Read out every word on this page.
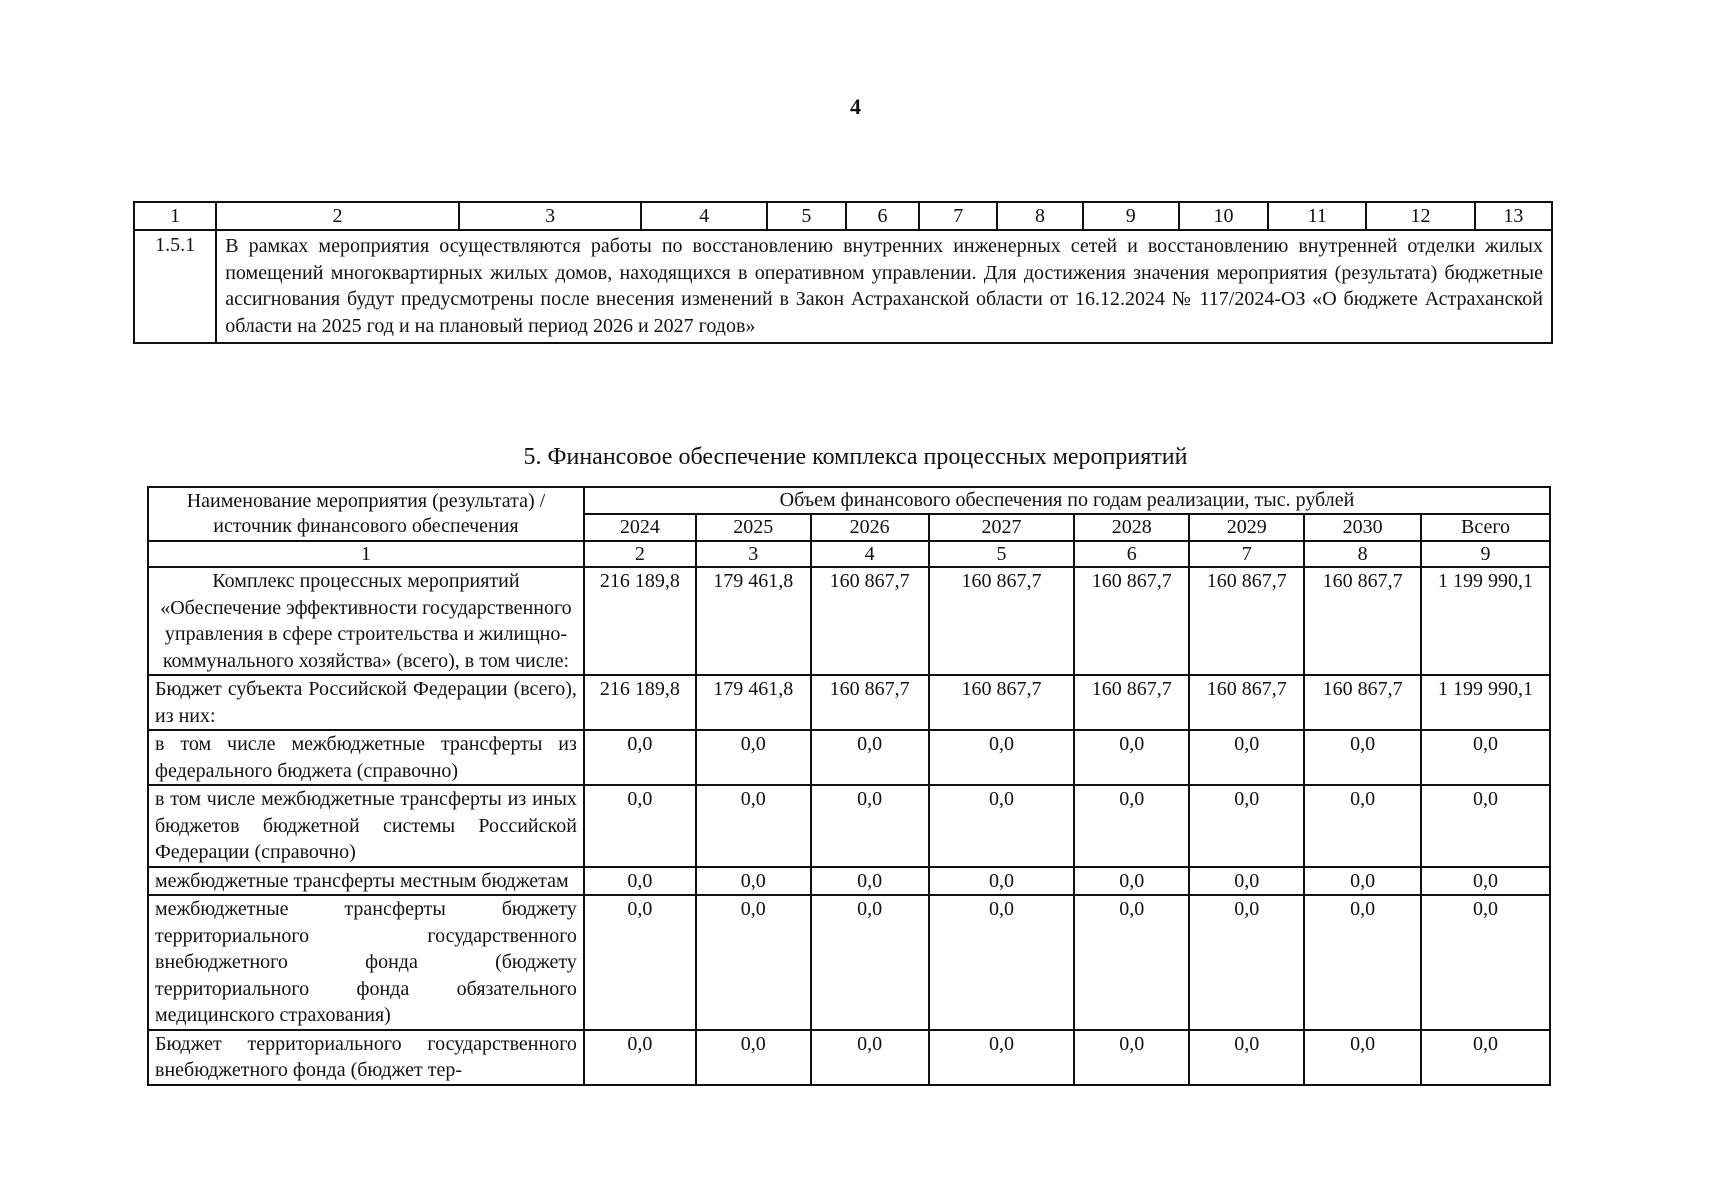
4
1	2	3	4	5	6	7	8	9	10	11	12	13
1.5.1	В рамках мероприятия осуществляются работы по восстановлению внутренних инженерных сетей и восстановлению внутренней отделки жилых помещений многоквартирных жилых домов, находящихся в оперативном управлении. Для достижения значения мероприятия (результата) бюджетные ассигнования будут предусмотрены после внесения изменений в Закон Астраханской области от 16.12.2024 № 117/2024-ОЗ «О бюджете Астраханской области на 2025 год и на плановый период 2026 и 2027 годов»											
5. Финансовое обеспечение комплекса процессных мероприятий
Наименование мероприятия (результата) / источник финансового обеспечения	Объем финансового обеспечения по годам реализации, тыс. рублей							
	2024	2025	2026	2027	2028	2029	2030	Всего
1	2	3	4	5	6	7	8	9
Комплекс процессных мероприятий «Обеспечение эффективности государственного управления в сфере строительства и жилищно-коммунального хозяйства» (всего), в том числе:	216 189,8	179 461,8	160 867,7	160 867,7	160 867,7	160 867,7	160 867,7	1 199 990,1
Бюджет субъекта Российской Федерации (всего), из них:	216 189,8	179 461,8	160 867,7	160 867,7	160 867,7	160 867,7	160 867,7	1 199 990,1
в том числе межбюджетные трансферты из федерального бюджета (справочно)	0,0	0,0	0,0	0,0	0,0	0,0	0,0	0,0
в том числе межбюджетные трансферты из иных бюджетов бюджетной системы Российской Федерации (справочно)	0,0	0,0	0,0	0,0	0,0	0,0	0,0	0,0
межбюджетные трансферты местным бюджетам	0,0	0,0	0,0	0,0	0,0	0,0	0,0	0,0
межбюджетные трансферты бюджету территориального государственного внебюджетного фонда (бюджету территориального фонда обязательного медицинского страхования)	0,0	0,0	0,0	0,0	0,0	0,0	0,0	0,0
Бюджет территориального государственного внебюджетного фонда (бюджет тер-	0,0	0,0	0,0	0,0	0,0	0,0	0,0	0,0
